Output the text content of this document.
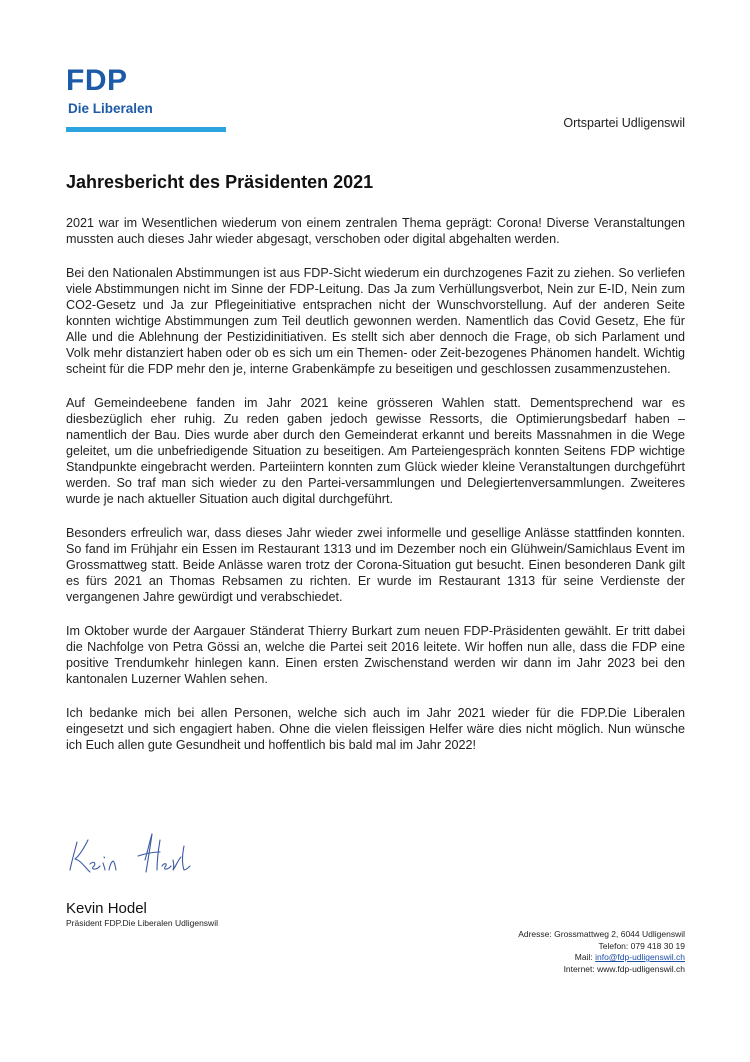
FDP
Die Liberalen
Ortspartei Udligenswil
Jahresbericht des Präsidenten 2021

2021 war im Wesentlichen wiederum von einem zentralen Thema geprägt: Corona! Diverse Veranstaltungen mussten auch dieses Jahr wieder abgesagt, verschoben oder digital abgehalten werden.

Bei den Nationalen Abstimmungen ist aus FDP-Sicht wiederum ein durchzogenes Fazit zu ziehen. So verliefen viele Abstimmungen nicht im Sinne der FDP-Leitung. Das Ja zum Verhüllungsverbot, Nein zur E-ID, Nein zum CO2-Gesetz und Ja zur Pflegeinitiative entsprachen nicht der Wunschvorstellung. Auf der anderen Seite konnten wichtige Abstimmungen zum Teil deutlich gewonnen werden. Namentlich das Covid Gesetz, Ehe für Alle und die Ablehnung der Pestizidinitiativen. Es stellt sich aber dennoch die Frage, ob sich Parlament und Volk mehr distanziert haben oder ob es sich um ein Themen- oder Zeit-bezogenes Phänomen handelt. Wichtig scheint für die FDP mehr den je, interne Grabenkämpfe zu beseitigen und geschlossen zusammenzustehen.

Auf Gemeindeebene fanden im Jahr 2021 keine grösseren Wahlen statt. Dementsprechend war es diesbezüglich eher ruhig. Zu reden gaben jedoch gewisse Ressorts, die Optimierungsbedarf haben – namentlich der Bau. Dies wurde aber durch den Gemeinderat erkannt und bereits Massnahmen in die Wege geleitet, um die unbefriedigende Situation zu beseitigen. Am Parteiengespräch konnten Seitens FDP wichtige Standpunkte eingebracht werden. Parteiintern konnten zum Glück wieder kleine Veranstaltungen durchgeführt werden. So traf man sich wieder zu den Partei-versammlungen und Delegiertenversammlungen. Zweiteres wurde je nach aktueller Situation auch digital durchgeführt.

Besonders erfreulich war, dass dieses Jahr wieder zwei informelle und gesellige Anlässe stattfinden konnten. So fand im Frühjahr ein Essen im Restaurant 1313 und im Dezember noch ein Glühwein/Samichlaus Event im Grossmattweg statt. Beide Anlässe waren trotz der Corona-Situation gut besucht. Einen besonderen Dank gilt es fürs 2021 an Thomas Rebsamen zu richten. Er wurde im Restaurant 1313 für seine Verdienste der vergangenen Jahre gewürdigt und verabschiedet.

Im Oktober wurde der Aargauer Ständerat Thierry Burkart zum neuen FDP-Präsidenten gewählt. Er tritt dabei die Nachfolge von Petra Gössi an, welche die Partei seit 2016 leitete. Wir hoffen nun alle, dass die FDP eine positive Trendumkehr hinlegen kann. Einen ersten Zwischenstand werden wir dann im Jahr 2023 bei den kantonalen Luzerner Wahlen sehen.

Ich bedanke mich bei allen Personen, welche sich auch im Jahr 2021 wieder für die FDP.Die Liberalen eingesetzt und sich engagiert haben. Ohne die vielen fleissigen Helfer wäre dies nicht möglich. Nun wünsche ich Euch allen gute Gesundheit und hoffentlich bis bald mal im Jahr 2022!

Kevin Hodel
Präsident FDP.Die Liberalen Udligenswil
Adresse: Grossmattweg 2, 6044 Udligenswil
Telefon: 079 418 30 19
Mail: info@fdp-udligenswil.ch
Internet: www.fdp-udligenswil.ch
